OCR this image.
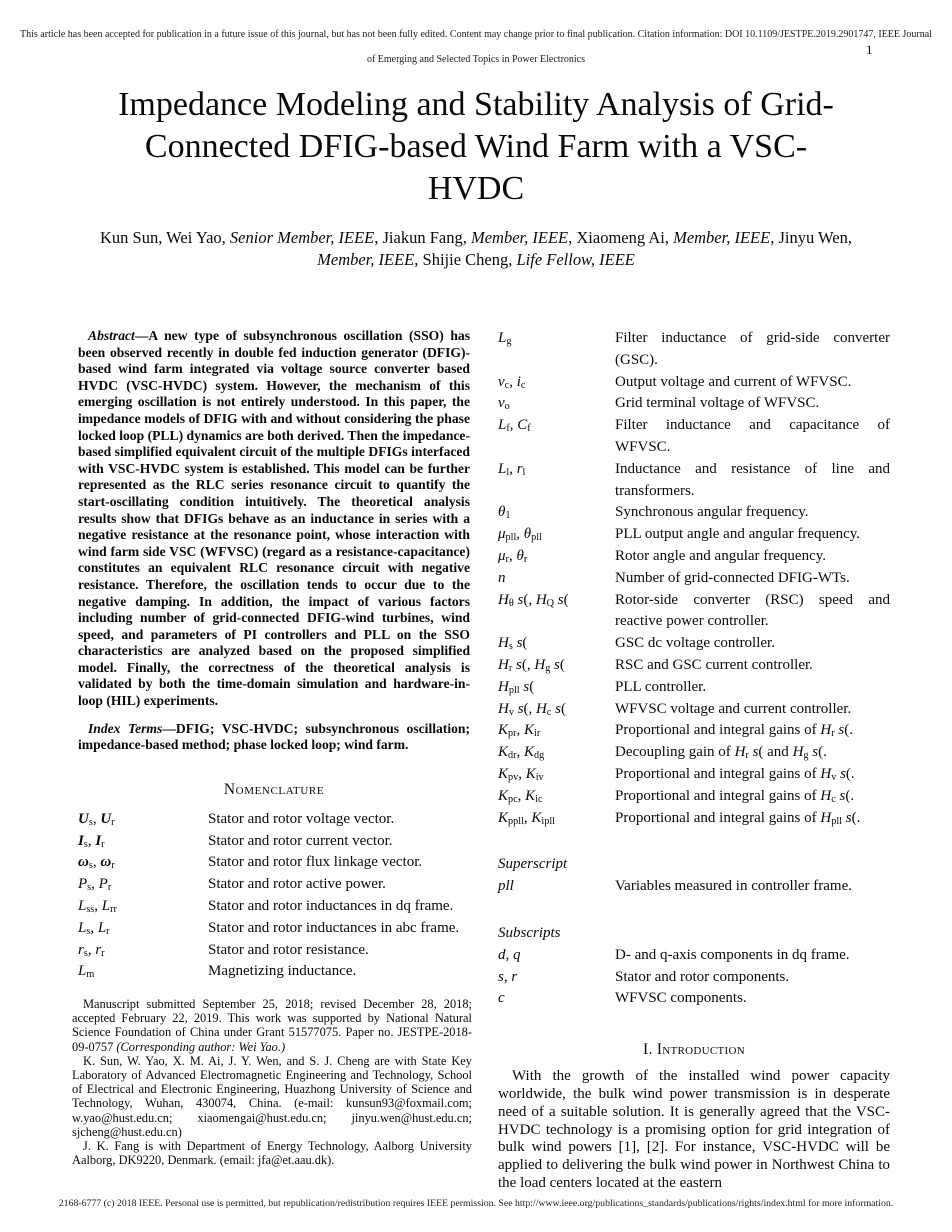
This article has been accepted for publication in a future issue of this journal, but has not been fully edited. Content may change prior to final publication. Citation information: DOI 10.1109/JESTPE.2019.2901747, IEEE Journal
of Emerging and Selected Topics in Power Electronics
1
Impedance Modeling and Stability Analysis of Grid-Connected DFIG-based Wind Farm with a VSC-HVDC
Kun Sun, Wei Yao, Senior Member, IEEE, Jiakun Fang, Member, IEEE, Xiaomeng Ai, Member, IEEE, Jinyu Wen, Member, IEEE, Shijie Cheng, Life Fellow, IEEE

Abstract—A new type of subsynchronous oscillation (SSO) has been observed recently in double fed induction generator (DFIG)-based wind farm integrated via voltage source converter based HVDC (VSC-HVDC) system. However, the mechanism of this emerging oscillation is not entirely understood. In this paper, the impedance models of DFIG with and without considering the phase locked loop (PLL) dynamics are both derived. Then the impedance-based simplified equivalent circuit of the multiple DFIGs interfaced with VSC-HVDC system is established. This model can be further represented as the RLC series resonance circuit to quantify the start-oscillating condition intuitively. The theoretical analysis results show that DFIGs behave as an inductance in series with a negative resistance at the resonance point, whose interaction with wind farm side VSC (WFVSC) (regard as a resistance-capacitance) constitutes an equivalent RLC resonance circuit with negative resistance. Therefore, the oscillation tends to occur due to the negative damping. In addition, the impact of various factors including number of grid-connected DFIG-wind turbines, wind speed, and parameters of PI controllers and PLL on the SSO characteristics are analyzed based on the proposed simplified model. Finally, the correctness of the theoretical analysis is validated by both the time-domain simulation and hardware-in-loop (HIL) experiments.

Index Terms—DFIG; VSC-HVDC; subsynchronous oscillation; impedance-based method; phase locked loop; wind farm.

Nomenclature
$U_s$, $U_r$	Stator and rotor voltage vector.
$I_s$, $I_r$	Stator and rotor current vector.
$\omega_s$, $\omega_r$	Stator and rotor flux linkage vector.
$P_s$, $P_r$	Stator and rotor active power.
$L_{ss}$, $L_{rr}$	Stator and rotor inductances in dq frame.
$L_s$, $L_r$	Stator and rotor inductances in abc frame.
$r_s$, $r_r$	Stator and rotor resistance.
$L_m$	Magnetizing inductance.
$L_g$	Filter inductance of grid-side converter (GSC).
$v_c$, $i_c$	Output voltage and current of WFVSC.
$v_o$	Grid terminal voltage of WFVSC.
$L_f$, $C_f$	Filter inductance and capacitance of WFVSC.
$L_l$, $r_l$	Inductance and resistance of line and transformers.
$\theta_1$	Synchronous angular frequency.
$\mu_{pll}$, $\theta_{pll}$	PLL output angle and angular frequency.
$\mu_r$, $\theta_r$	Rotor angle and angular frequency.
n	Number of grid-connected DFIG-WTs.
$H_\theta$ s(, $H_Q$ s(	Rotor-side converter (RSC) speed and reactive power controller.
$H_s$ s(	GSC dc voltage controller.
$H_r$ s(, $H_g$ s(	RSC and GSC current controller.
$H_{pll}$ s(	PLL controller.
$H_v$ s(, $H_c$ s(	WFVSC voltage and current controller.
$K_{pr}$, $K_{ir}$	Proportional and integral gains of $H_r$ s(.
$K_{dr}$, $K_{dg}$	Decoupling gain of $H_r$ s( and $H_g$ s(.
$K_{pv}$, $K_{iv}$	Proportional and integral gains of $H_v$ s(.
$K_{pc}$, $K_{ic}$	Proportional and integral gains of $H_c$ s(.
$K_{ppll}$, $K_{ipll}$	Proportional and integral gains of $H_{pll}$ s(.
Superscript
pll	Variables measured in controller frame.
Subscripts
d, q	D- and q-axis components in dq frame.
s, r	Stator and rotor components.
c	WFVSC components.
I. Introduction

With the growth of the installed wind power capacity worldwide, the bulk wind power transmission is in desperate need of a suitable solution. It is generally agreed that the VSC-HVDC technology is a promising option for grid integration of bulk wind powers [1], [2]. For instance, VSC-HVDC will be applied to delivering the bulk wind power in Northwest China to the load centers located at the eastern

Manuscript submitted September 25, 2018; revised December 28, 2018; accepted February 22, 2019. This work was supported by National Natural Science Foundation of China under Grant 51577075. Paper no. JESTPE-2018-09-0757 (Corresponding author: Wei Yao.)

K. Sun, W. Yao, X. M. Ai, J. Y. Wen, and S. J. Cheng are with State Key Laboratory of Advanced Electromagnetic Engineering and Technology, School of Electrical and Electronic Engineering, Huazhong University of Science and Technology, Wuhan, 430074, China. (e-mail: kunsun93@foxmail.com; w.yao@hust.edu.cn; xiaomengai@hust.edu.cn; jinyu.wen@hust.edu.cn; sjcheng@hust.edu.cn)

J. K. Fang is with Department of Energy Technology, Aalborg University Aalborg, DK9220, Denmark. (email: jfa@et.aau.dk).

2168-6777 (c) 2018 IEEE. Personal use is permitted, but republication/redistribution requires IEEE permission. See http://www.ieee.org/publications_standards/publications/rights/index.html for more information.
